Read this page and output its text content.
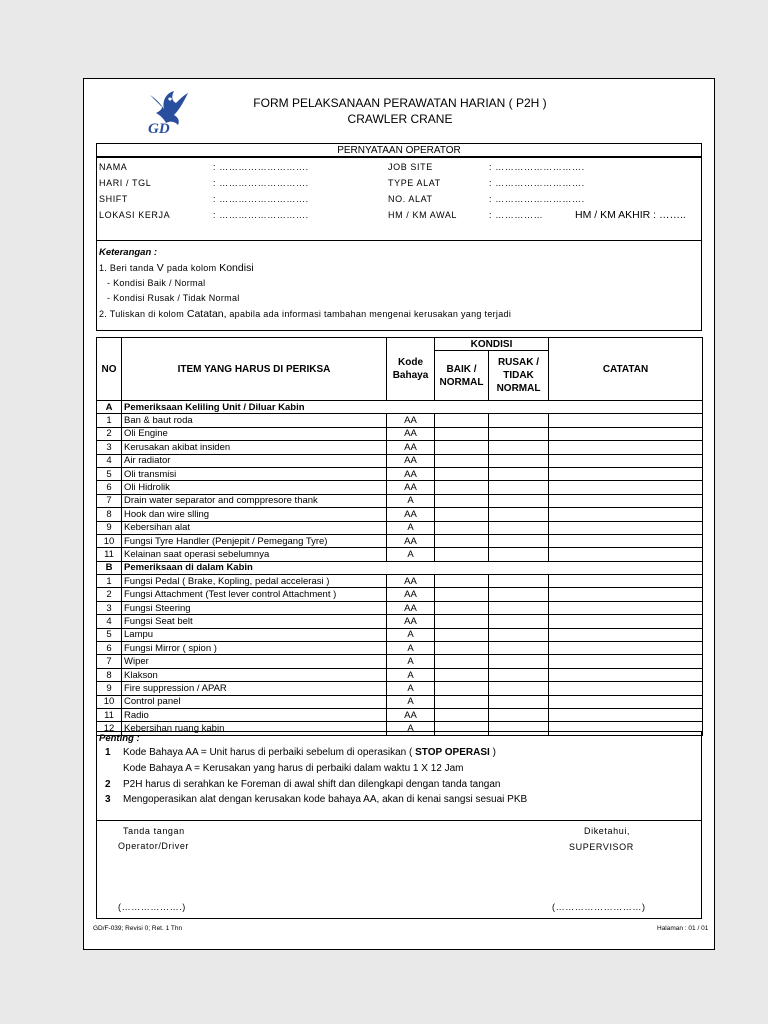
GD
FORM PELAKSANAAN PERAWATAN HARIAN ( P2H )
CRAWLER CRANE
PERNYATAAN OPERATOR
NAMA	: ……………………….
HARI / TGL	: ……………………….
SHIFT	: ……………………….
LOKASI KERJA	: ……………………….
JOB SITE	: ……………………….
TYPE ALAT	: ……………………….
NO. ALAT	: ……………………….
HM / KM AWAL	: ……………	HM / KM AKHIR : ……..
Keterangan :
1. Beri tanda V pada kolom Kondisi
- Kondisi Baik / Normal
- Kondisi Rusak / Tidak Normal
2. Tuliskan di kolom Catatan, apabila ada informasi tambahan mengenai kerusakan yang terjadi
NO	ITEM YANG HARUS DI PERIKSA	Kode Bahaya	KONDISI		CATATAN
			BAIK / NORMAL	RUSAK / TIDAK NORMAL	
A	Pemeriksaan Keliling Unit / Diluar Kabin				
1	Ban & baut roda	AA			
2	Oli Engine	AA			
3	Kerusakan akibat insiden	AA			
4	Air radiator	AA			
5	Oli transmisi	AA			
6	Oli Hidrolik	AA			
7	Drain water separator and comppresore thank	A			
8	Hook dan wire slling	AA			
9	Kebersihan alat	A			
10	Fungsi Tyre Handler (Penjepit / Pemegang Tyre)	AA			
11	Kelainan saat operasi sebelumnya	A			
B	Pemeriksaan di dalam Kabin				
1	Fungsi Pedal ( Brake, Kopling, pedal accelerasi )	AA			
2	Fungsi Attachment (Test lever control Attachment )	AA			
3	Fungsi Steering	AA			
4	Fungsi Seat belt	AA			
5	Lampu	A			
6	Fungsi Mirror ( spion )	A			
7	Wiper	A			
8	Klakson	A			
9	Fire suppression / APAR	A			
10	Control panel	A			
11	Radio	AA			
12	Kebersihan ruang kabin	A			
Penting :
1 Kode Bahaya AA = Unit harus di perbaiki sebelum di operasikan ( STOP OPERASI )
Kode Bahaya A = Kerusakan yang harus di perbaiki dalam waktu 1 X 12 Jam
2 P2H harus di serahkan ke Foreman di awal shift dan dilengkapi dengan tanda tangan
3 Mengoperasikan alat dengan kerusakan kode bahaya AA, akan di kenai sangsi sesuai PKB
Tanda tangan
Operator/Driver
(……………….)
Diketahui,
SUPERVISOR
(………………………)
GD/F-039; Revisi 0; Ret. 1 Thn	Halaman : 01 / 01
